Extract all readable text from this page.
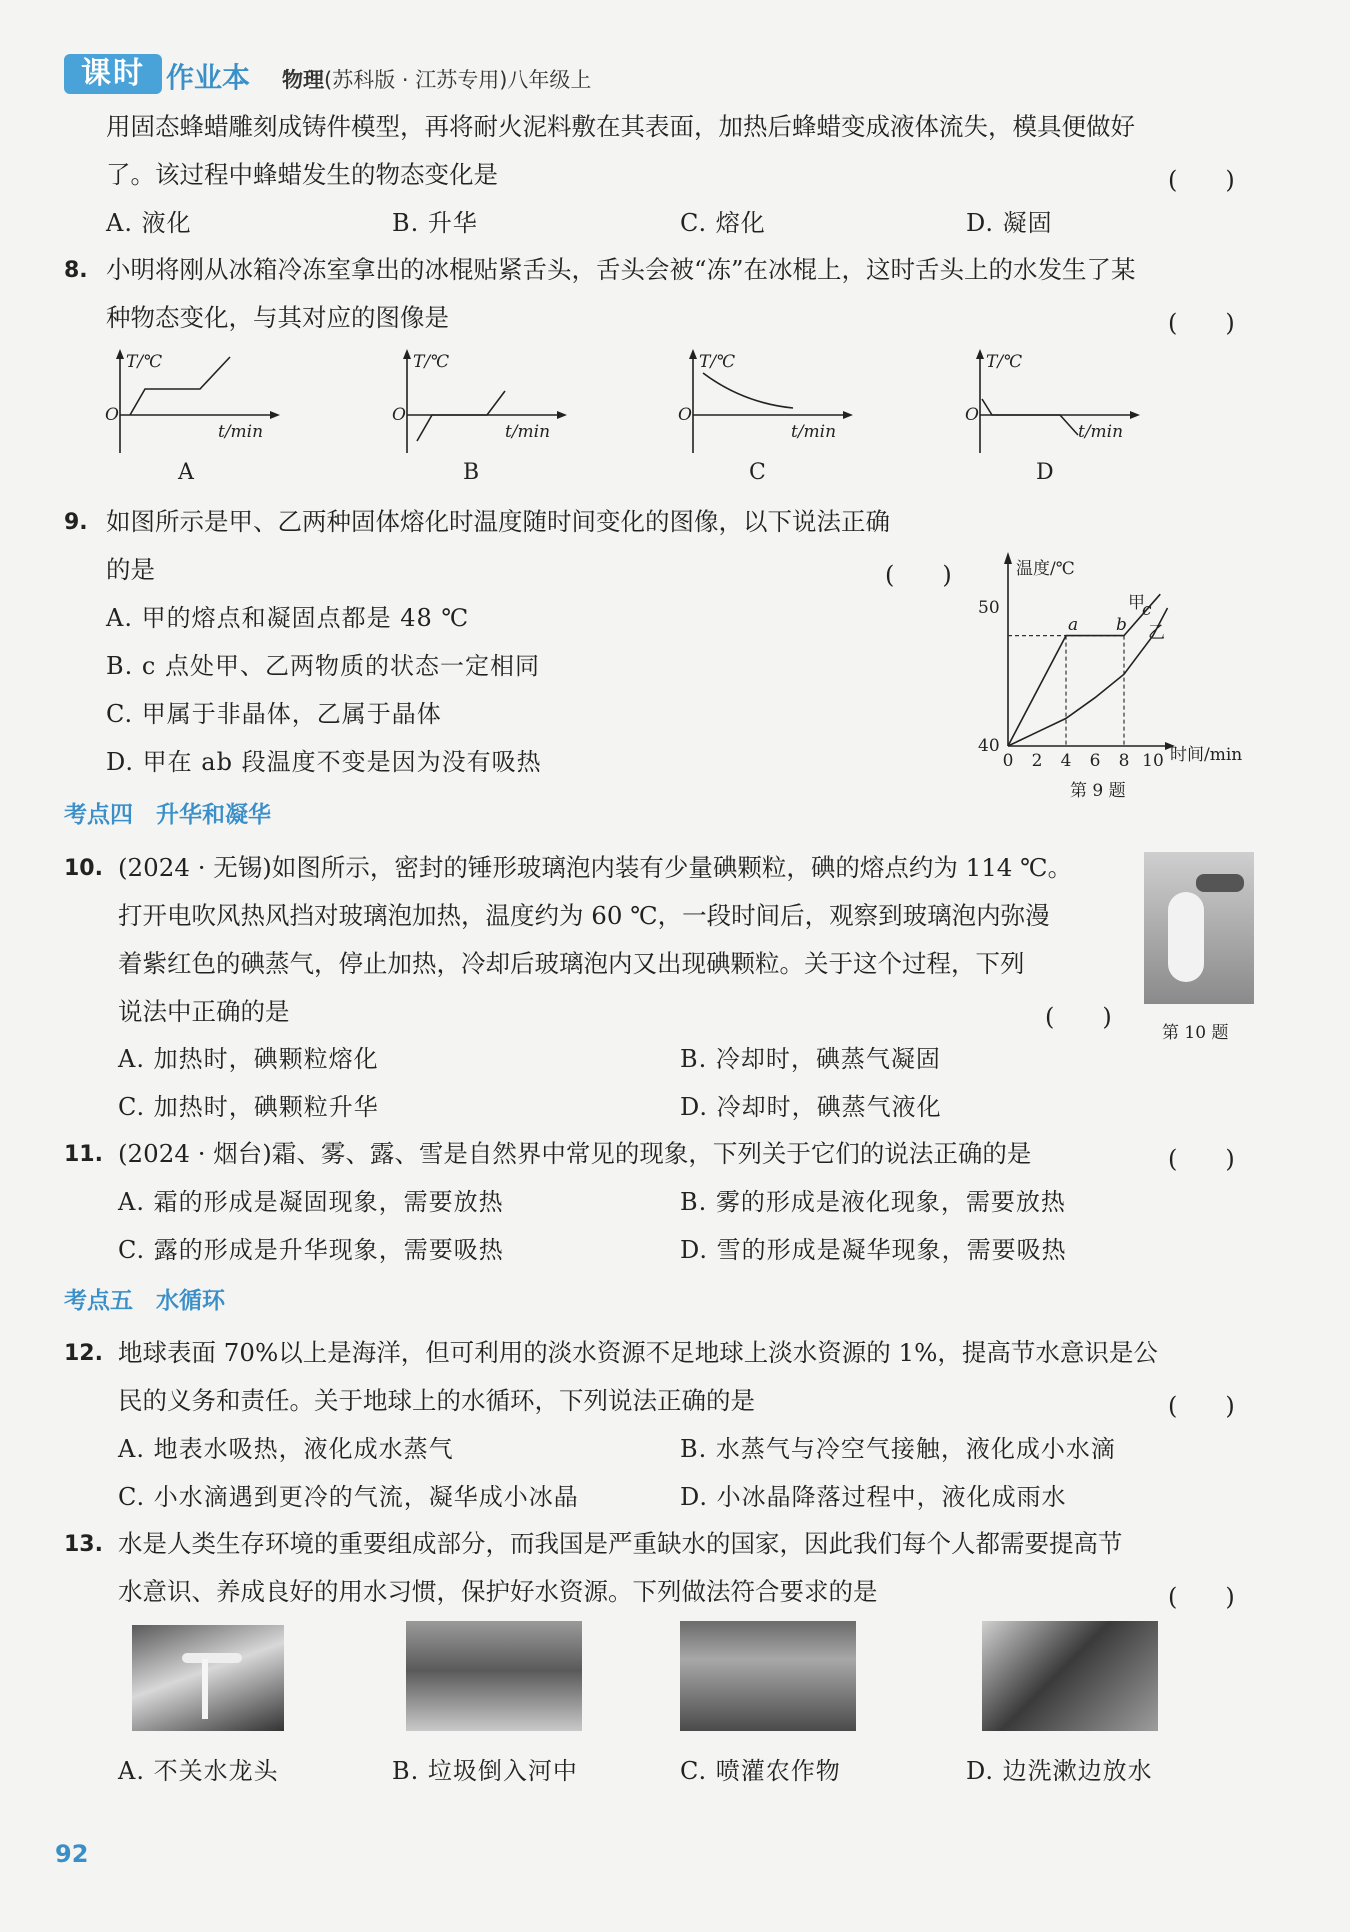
课时 作业本 物理(苏科版 · 江苏专用)八年级上
用固态蜂蜡雕刻成铸件模型，再将耐火泥料敷在其表面，加热后蜂蜡变成液体流失，模具便做好
了。该过程中蜂蜡发生的物态变化是	(　　)
A. 液化	B. 升华	C. 熔化	D. 凝固
8. 小明将刚从冰箱冷冻室拿出的冰棍贴紧舌头，舌头会被“冻”在冰棍上，这时舌头上的水发生了某
种物态变化，与其对应的图像是	(　　)
T/℃
O
t/min
A
T/℃
O
t/min
B
T/℃
O
t/min
C
T/℃
O
t/min
D
9. 如图所示是甲、乙两种固体熔化时温度随时间变化的图像，以下说法正确
的是	(　　)
A. 甲的熔点和凝固点都是 48 ℃
B. c 点处甲、乙两物质的状态一定相同
C. 甲属于非晶体，乙属于晶体
D. 甲在 ab 段温度不变是因为没有吸热
温度/℃
时间/min
50
40
0 2 4 6 8 10
a b
c
甲
乙
第 9 题
考点四　升华和凝华
10. (2024 · 无锡)如图所示，密封的锤形玻璃泡内装有少量碘颗粒，碘的熔点约为 114 ℃。
打开电吹风热风挡对玻璃泡加热，温度约为 60 ℃，一段时间后，观察到玻璃泡内弥漫
着紫红色的碘蒸气，停止加热，冷却后玻璃泡内又出现碘颗粒。关于这个过程，下列
说法中正确的是	(　　)
第 10 题
A. 加热时，碘颗粒熔化	B. 冷却时，碘蒸气凝固
C. 加热时，碘颗粒升华	D. 冷却时，碘蒸气液化
11. (2024 · 烟台)霜、雾、露、雪是自然界中常见的现象，下列关于它们的说法正确的是	(　　)
A. 霜的形成是凝固现象，需要放热	B. 雾的形成是液化现象，需要放热
C. 露的形成是升华现象，需要吸热	D. 雪的形成是凝华现象，需要吸热
考点五　水循环
12. 地球表面 70%以上是海洋，但可利用的淡水资源不足地球上淡水资源的 1%，提高节水意识是公
民的义务和责任。关于地球上的水循环，下列说法正确的是	(　　)
A. 地表水吸热，液化成水蒸气	B. 水蒸气与冷空气接触，液化成小水滴
C. 小水滴遇到更冷的气流，凝华成小冰晶	D. 小冰晶降落过程中，液化成雨水
13. 水是人类生存环境的重要组成部分，而我国是严重缺水的国家，因此我们每个人都需要提高节
水意识、养成良好的用水习惯，保护好水资源。下列做法符合要求的是	(　　)
A. 不关水龙头	B. 垃圾倒入河中	C. 喷灌农作物	D. 边洗漱边放水
92
